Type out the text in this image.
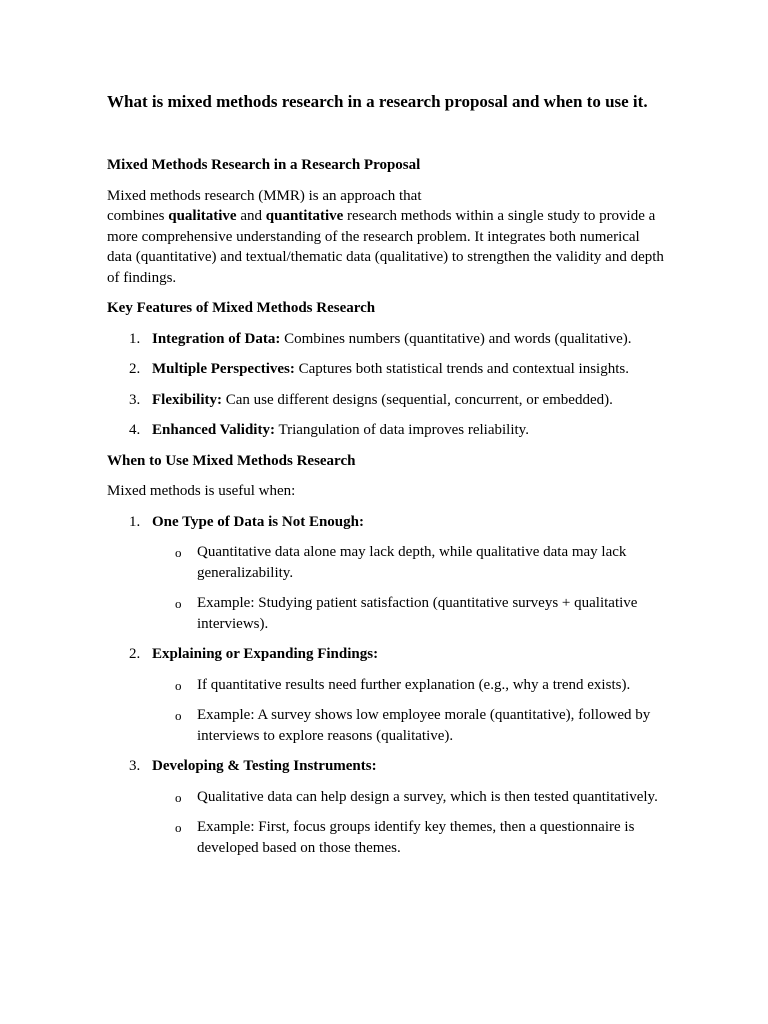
What is mixed methods research in a research proposal and when to use it.
Mixed Methods Research in a Research Proposal

Mixed methods research (MMR) is an approach that
combines qualitative and quantitative research methods within a single study to provide a more comprehensive understanding of the research problem. It integrates both numerical data (quantitative) and textual/thematic data (qualitative) to strengthen the validity and depth of findings.

Key Features of Mixed Methods Research
1. Integration of Data: Combines numbers (quantitative) and words (qualitative).
2. Multiple Perspectives: Captures both statistical trends and contextual insights.
3. Flexibility: Can use different designs (sequential, concurrent, or embedded).
4. Enhanced Validity: Triangulation of data improves reliability.
When to Use Mixed Methods Research

Mixed methods is useful when:

1. One Type of Data is Not Enough:
o Quantitative data alone may lack depth, while qualitative data may lack generalizability.
o Example: Studying patient satisfaction (quantitative surveys + qualitative interviews).
2. Explaining or Expanding Findings:
o If quantitative results need further explanation (e.g., why a trend exists).
o Example: A survey shows low employee morale (quantitative), followed by interviews to explore reasons (qualitative).
3. Developing & Testing Instruments:
o Qualitative data can help design a survey, which is then tested quantitatively.
o Example: First, focus groups identify key themes, then a questionnaire is developed based on those themes.
